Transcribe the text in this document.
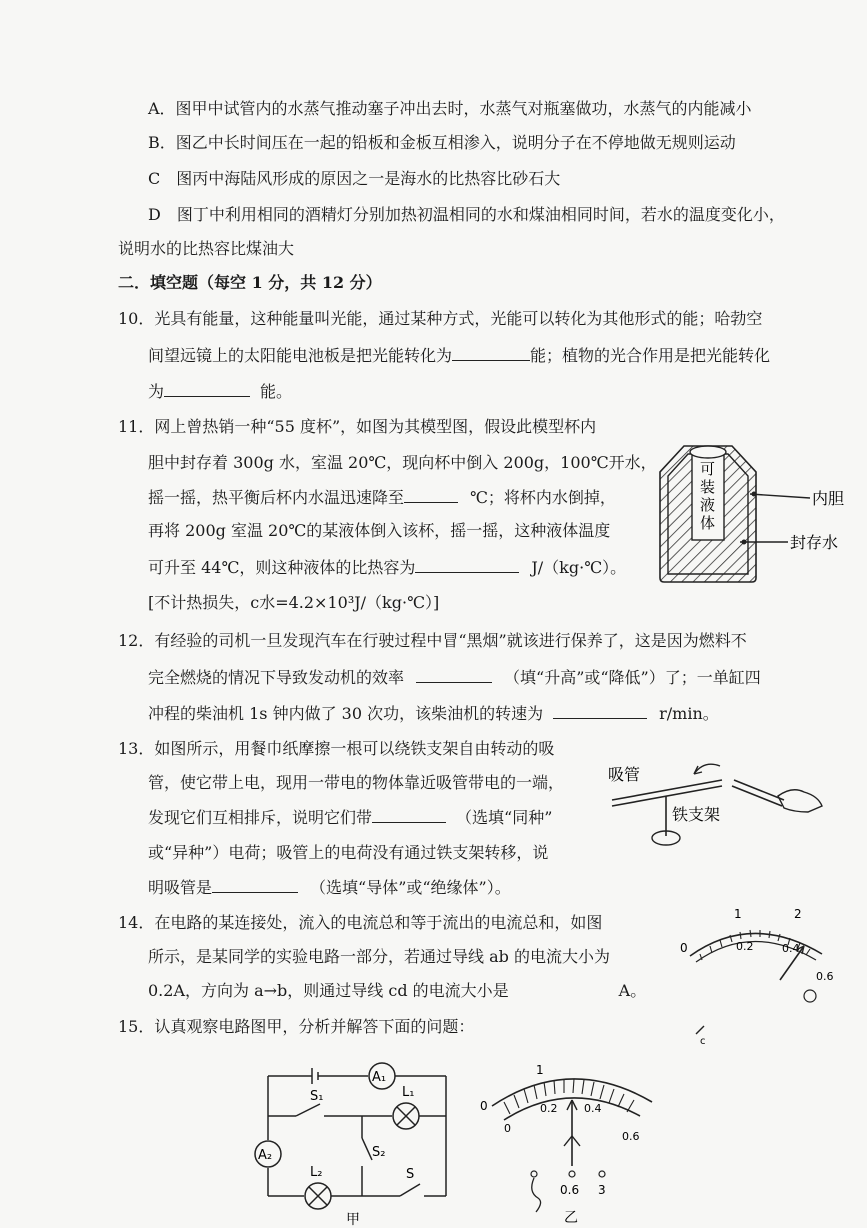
A．图甲中试管内的水蒸气推动塞子冲出去时，水蒸气对瓶塞做功，水蒸气的内能减小
B．图乙中长时间压在一起的铅板和金板互相渗入，说明分子在不停地做无规则运动
C　图丙中海陆风形成的原因之一是海水的比热容比砂石大
D　图丁中利用相同的酒精灯分别加热初温相同的水和煤油相同时间，若水的温度变化小，
说明水的比热容比煤油大
二．填空题（每空 1 分，共 12 分）
10．光具有能量，这种能量叫光能，通过某种方式，光能可以转化为其他形式的能；哈勃空
间望远镜上的太阳能电池板是把光能转化为	能；植物的光合作用是把光能转化
为	能。
11．网上曾热销一种“55 度杯”，如图为其模型图，假设此模型杯内
胆中封存着 300g 水，室温 20℃，现向杯中倒入 200g，100℃开水，
摇一摇，热平衡后杯内水温迅速降至	℃；将杯内水倒掉，
再将 200g 室温 20℃的某液体倒入该杯，摇一摇，这种液体温度
可升至 44℃，则这种液体的比热容为	J/（kg·℃）。
[不计热损失，c水=4.2×10³J/（kg·℃）]
可
装
液
体
内胆
封存水
12．有经验的司机一旦发现汽车在行驶过程中冒“黑烟”就该进行保养了，这是因为燃料不
完全燃烧的情况下导致发动机的效率	（填“升高”或“降低”）了；一单缸四
冲程的柴油机 1s 钟内做了 30 次功，该柴油机的转速为	r/min。
13．如图所示，用餐巾纸摩擦一根可以绕铁支架自由转动的吸
管，使它带上电，现用一带电的物体靠近吸管带电的一端，
发现它们互相排斥，说明它们带	（选填“同种”
或“异种”）电荷；吸管上的电荷没有通过铁支架转移，说
明吸管是	（选填“导体”或“绝缘体”）。
吸管
铁支架
14．在电路的某连接处，流入的电流总和等于流出的电流总和，如图
所示，是某同学的实验电路一部分，若通过导线 ab 的电流大小为
0.2A，方向为 a→b，则通过导线 cd 的电流大小是	A。
0
1	2
0.2	0.4
0.6
c
15．认真观察电路图甲，分析并解答下面的问题：
A₁
A₂
S₁	L₁
L₂
S₂
S
甲
0
1
0
0.2 0.4
0.6
0.6 3
乙
